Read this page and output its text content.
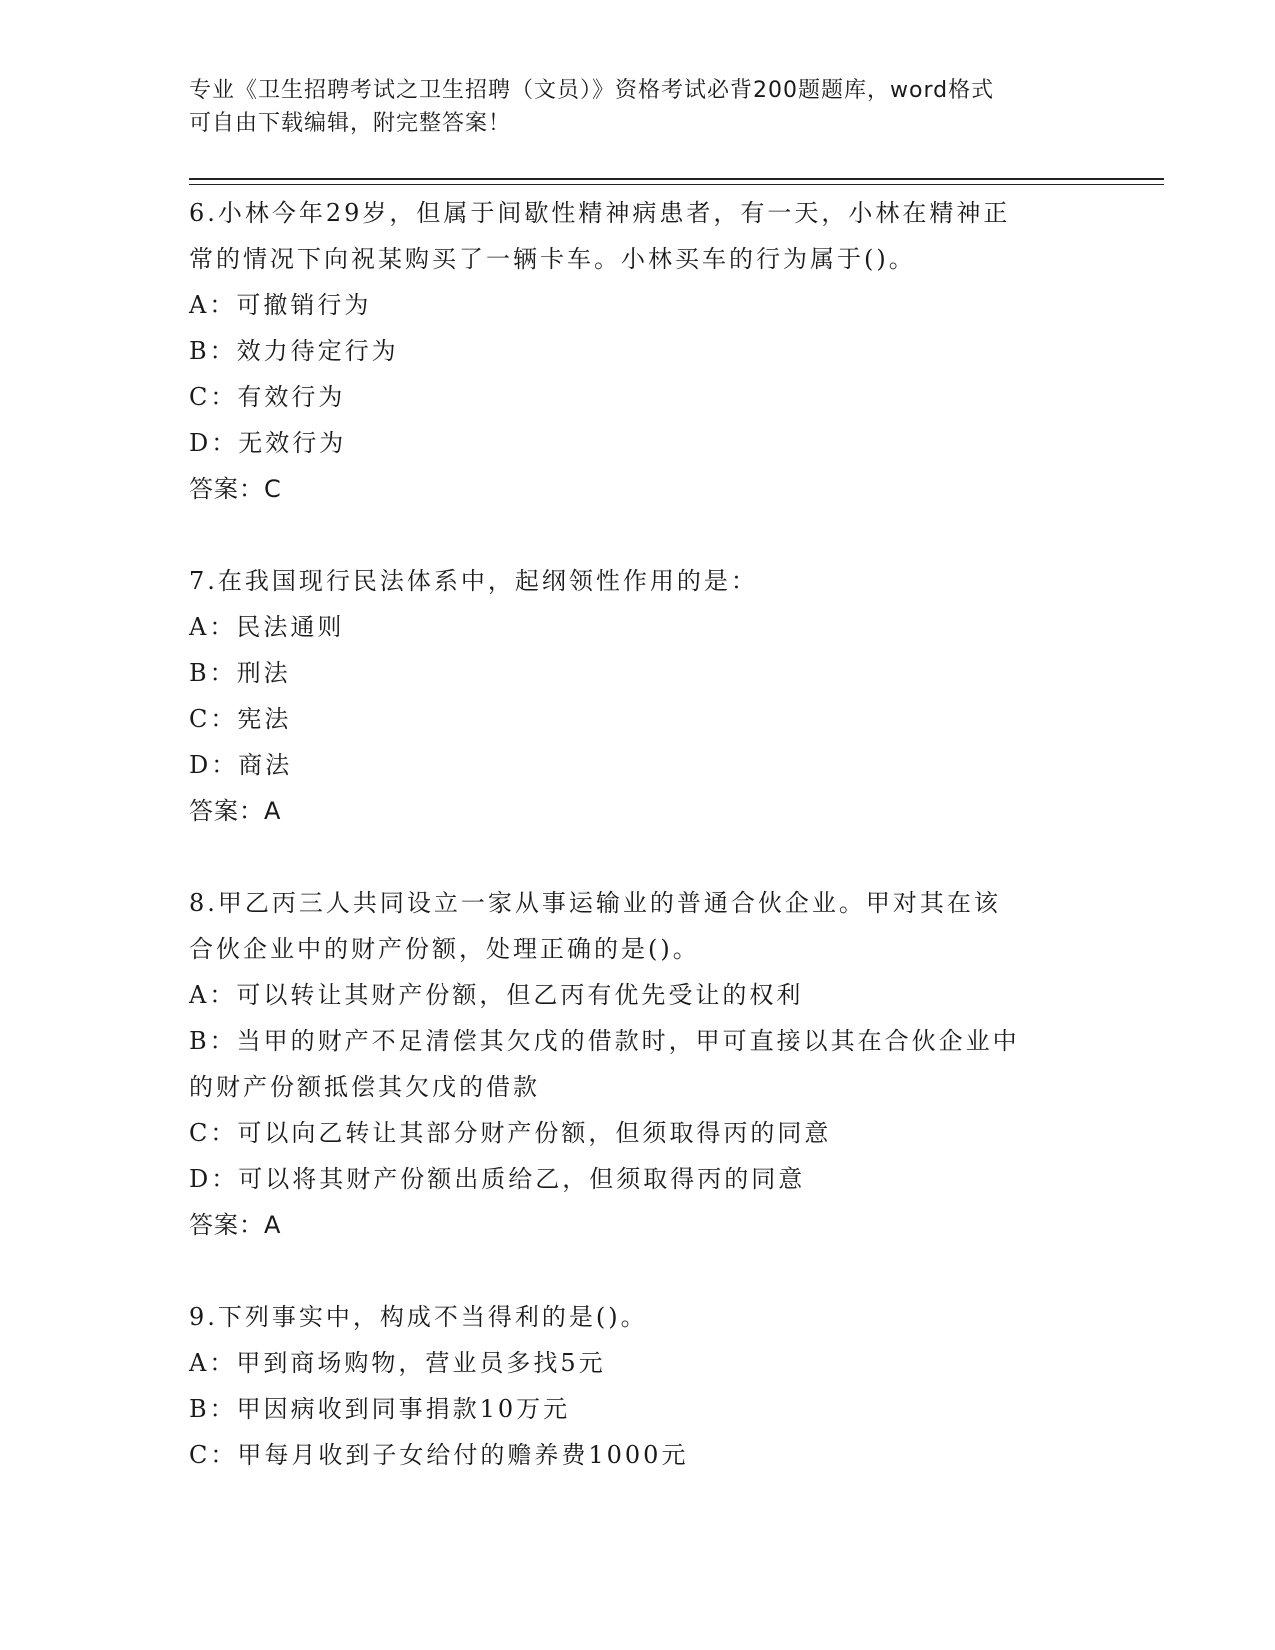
专业《卫生招聘考试之卫生招聘（文员）》资格考试必背200题题库，word格式
可自由下载编辑，附完整答案！
6.小林今年29岁，但属于间歇性精神病患者，有一天，小林在精神正
常的情况下向祝某购买了一辆卡车。小林买车的行为属于()。
A：可撤销行为
B：效力待定行为
C：有效行为
D：无效行为
答案：C
7.在我国现行民法体系中，起纲领性作用的是：
A：民法通则
B：刑法
C：宪法
D：商法
答案：A
8.甲乙丙三人共同设立一家从事运输业的普通合伙企业。甲对其在该
合伙企业中的财产份额，处理正确的是()。
A：可以转让其财产份额，但乙丙有优先受让的权利
B：当甲的财产不足清偿其欠戊的借款时，甲可直接以其在合伙企业中
的财产份额抵偿其欠戊的借款
C：可以向乙转让其部分财产份额，但须取得丙的同意
D：可以将其财产份额出质给乙，但须取得丙的同意
答案：A
9.下列事实中，构成不当得利的是()。
A：甲到商场购物，营业员多找5元
B：甲因病收到同事捐款10万元
C：甲每月收到子女给付的赡养费1000元
